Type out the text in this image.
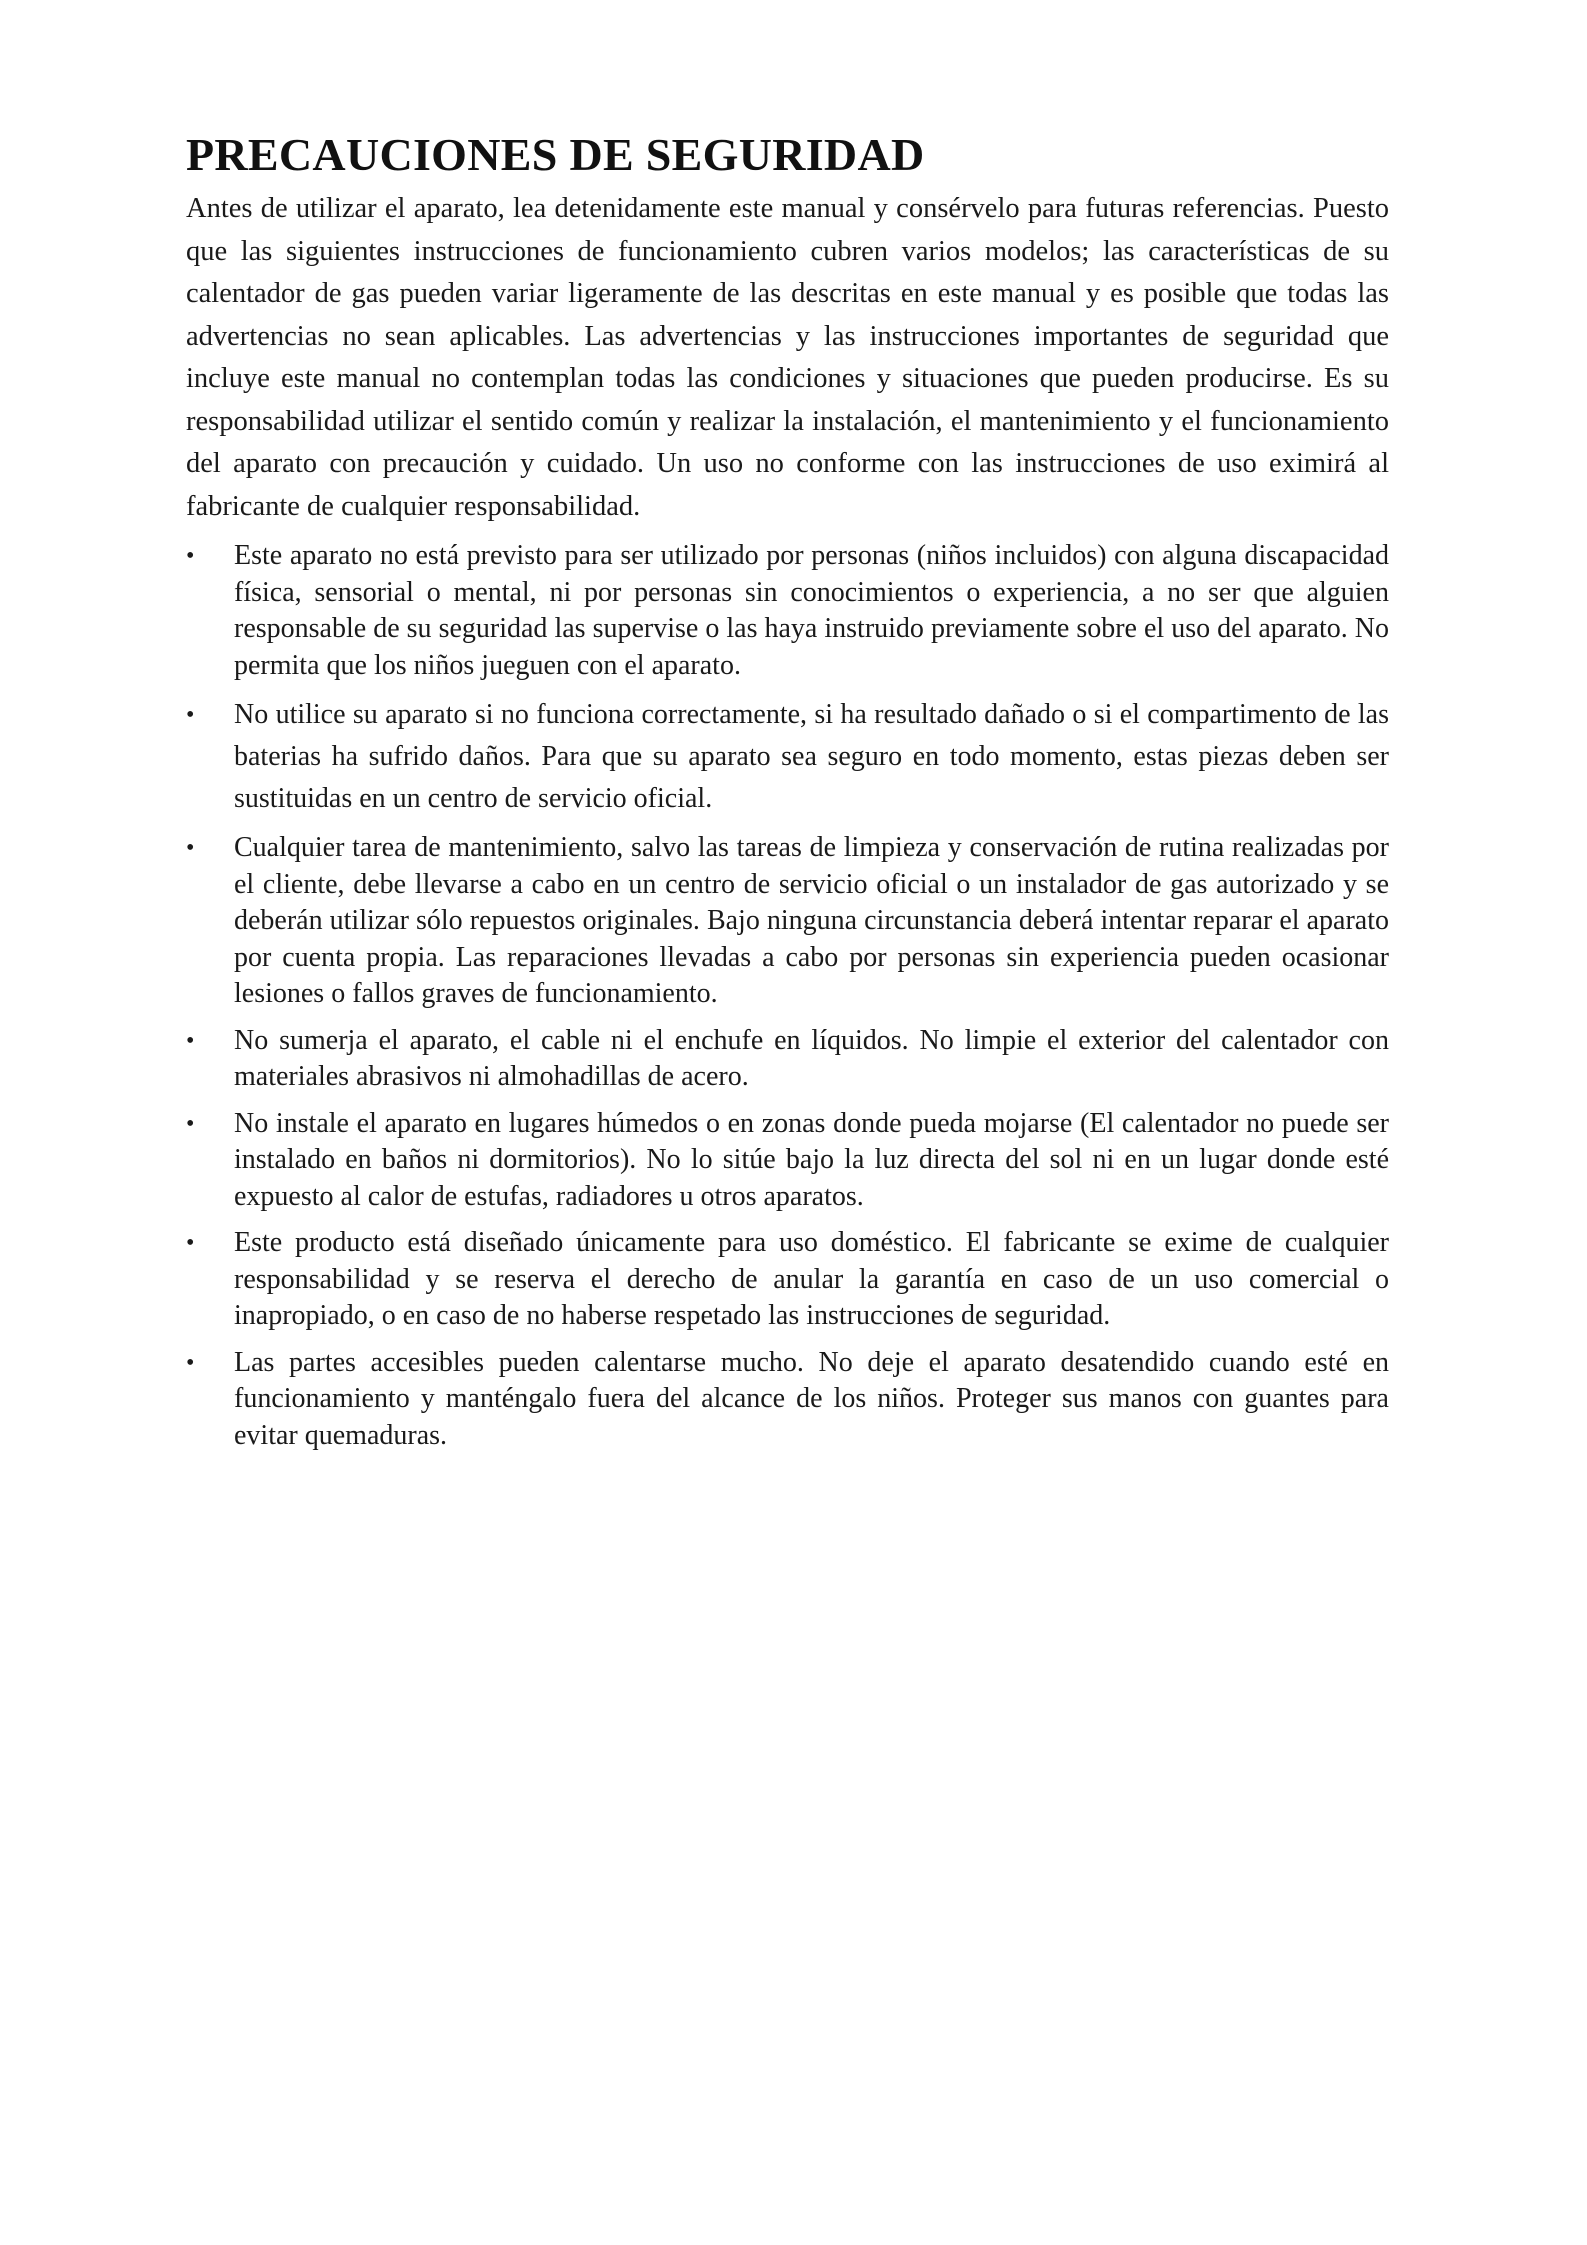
PRECAUCIONES DE SEGURIDAD

Antes de utilizar el aparato, lea detenidamente este manual y consérvelo para futuras referencias. Puesto que las siguientes instrucciones de funcionamiento cubren varios modelos; las características de su calentador de gas pueden variar ligeramente de las descritas en este manual y es posible que todas las advertencias no sean aplicables. Las advertencias y las instrucciones importantes de seguridad que incluye este manual no contemplan todas las condiciones y situaciones que pueden producirse. Es su responsabilidad utilizar el sentido común y realizar la instalación, el mantenimiento y el funcionamiento del aparato con precaución y cuidado. Un uso no conforme con las instrucciones de uso eximirá al fabricante de cualquier responsabilidad.

•	Este aparato no está previsto para ser utilizado por personas (niños incluidos) con alguna discapacidad física, sensorial o mental, ni por personas sin conocimientos o experiencia, a no ser que alguien responsable de su seguridad las supervise o las haya instruido previamente sobre el uso del aparato. No permita que los niños jueguen con el aparato.
•	No utilice su aparato si no funciona correctamente, si ha resultado dañado o si el compartimento de las baterias ha sufrido daños. Para que su aparato sea seguro en todo momento, estas piezas deben ser sustituidas en un centro de servicio oficial.
•	Cualquier tarea de mantenimiento, salvo las tareas de limpieza y conservación de rutina realizadas por el cliente, debe llevarse a cabo en un centro de servicio oficial o un instalador de gas autorizado y se deberán utilizar sólo repuestos originales. Bajo ninguna circunstancia deberá intentar reparar el aparato por cuenta propia. Las reparaciones llevadas a cabo por personas sin experiencia pueden ocasionar lesiones o fallos graves de funcionamiento.
•	No sumerja el aparato, el cable ni el enchufe en líquidos. No limpie el exterior del calentador con materiales abrasivos ni almohadillas de acero.
•	No instale el aparato en lugares húmedos o en zonas donde pueda mojarse (El calentador no puede ser instalado en baños ni dormitorios). No lo sitúe bajo la luz directa del sol ni en un lugar donde esté expuesto al calor de estufas, radiadores u otros aparatos.
•	Este producto está diseñado únicamente para uso doméstico. El fabricante se exime de cualquier responsabilidad y se reserva el derecho de anular la garantía en caso de un uso comercial o inapropiado, o en caso de no haberse respetado las instrucciones de seguridad.
•	Las partes accesibles pueden calentarse mucho. No deje el aparato desatendido cuando esté en funcionamiento y manténgalo fuera del alcance de los niños. Proteger sus manos con guantes para evitar quemaduras.
